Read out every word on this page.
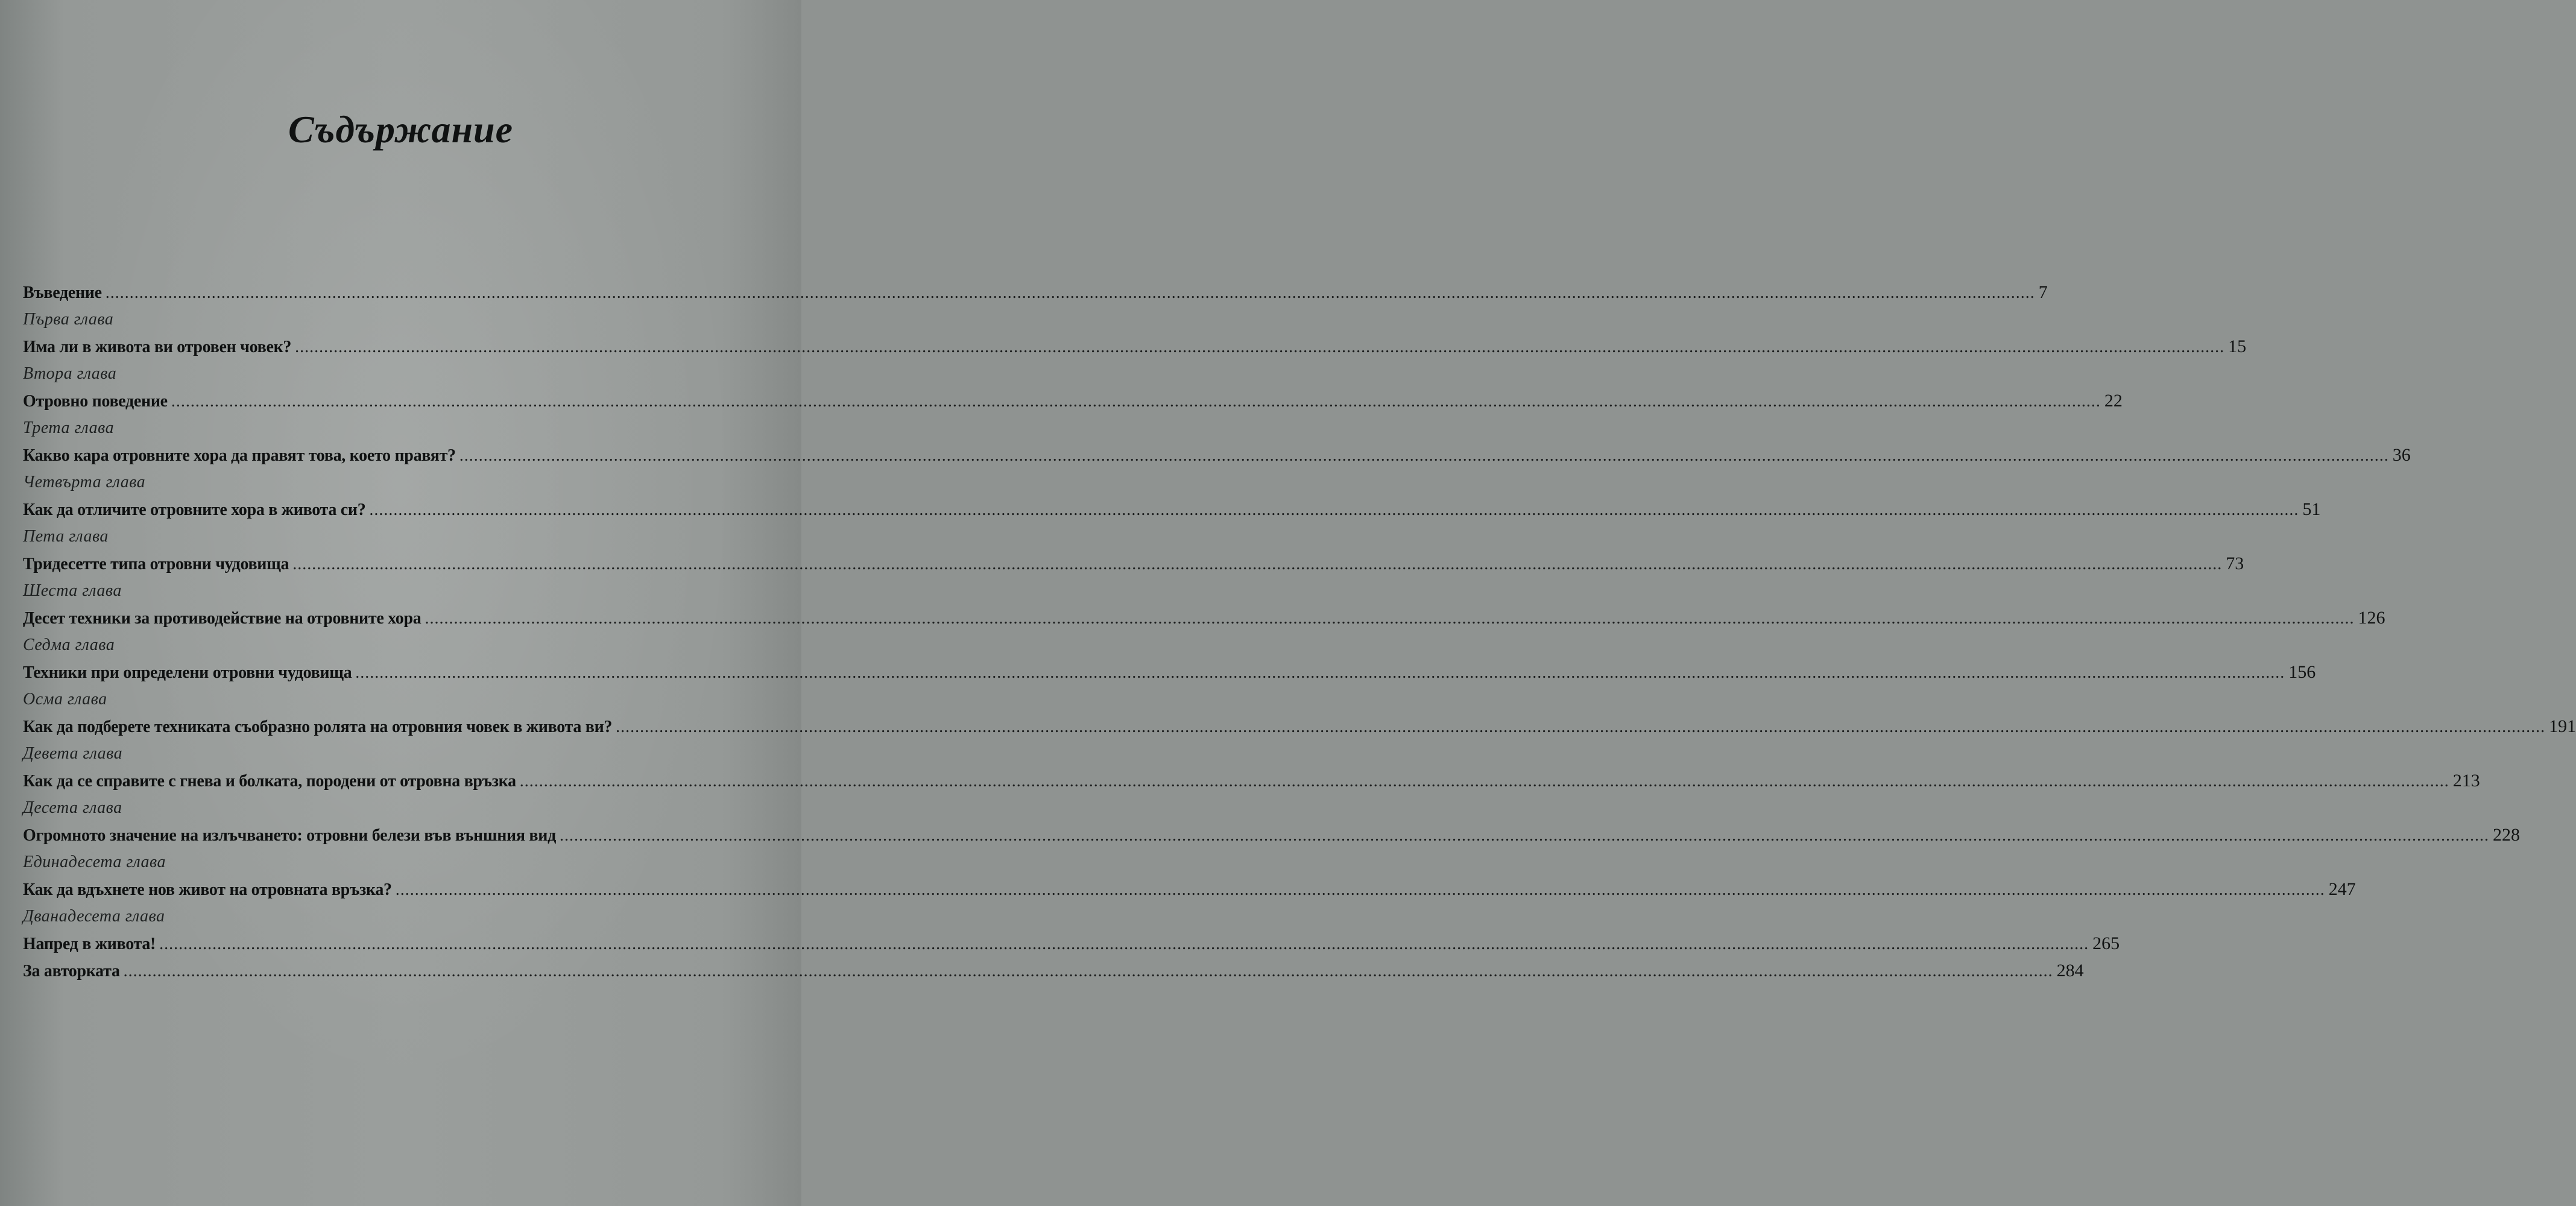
Съдържание
Въведение ................................................................................................................................................................................................................................................................................................................................................................................................................ 7
Първа глава
Има ли в живота ви отровен човек? ................................................................................................................................................................................................................................................................................................................................................................................................................ 15
Втора глава
Отровно поведение ................................................................................................................................................................................................................................................................................................................................................................................................................ 22
Трета глава
Какво кара отровните хора да правят това, което правят? ................................................................................................................................................................................................................................................................................................................................................................................................................ 36
Четвърта глава
Как да отличите отровните хора в живота си? ................................................................................................................................................................................................................................................................................................................................................................................................................ 51
Пета глава
Тридесетте типа отровни чудовища ................................................................................................................................................................................................................................................................................................................................................................................................................ 73
Шеста глава
Десет техники за противодействие на отровните хора ................................................................................................................................................................................................................................................................................................................................................................................................................ 126
Седма глава
Техники при определени отровни чудовища ................................................................................................................................................................................................................................................................................................................................................................................................................ 156
Осма глава
Как да подберете техниката съобразно ролята на отровния човек в живота ви? ................................................................................................................................................................................................................................................................................................................................................................................................................ 191
Девета глава
Как да се справите с гнева и болката, породени от отровна връзка ................................................................................................................................................................................................................................................................................................................................................................................................................ 213
Десета глава
Огромното значение на излъчването: отровни белези във външния вид ................................................................................................................................................................................................................................................................................................................................................................................................................ 228
Единадесета глава
Как да вдъхнете нов живот на отровната връзка? ................................................................................................................................................................................................................................................................................................................................................................................................................ 247
Дванадесета глава
Напред в живота! ................................................................................................................................................................................................................................................................................................................................................................................................................ 265
За авторката ................................................................................................................................................................................................................................................................................................................................................................................................................ 284
